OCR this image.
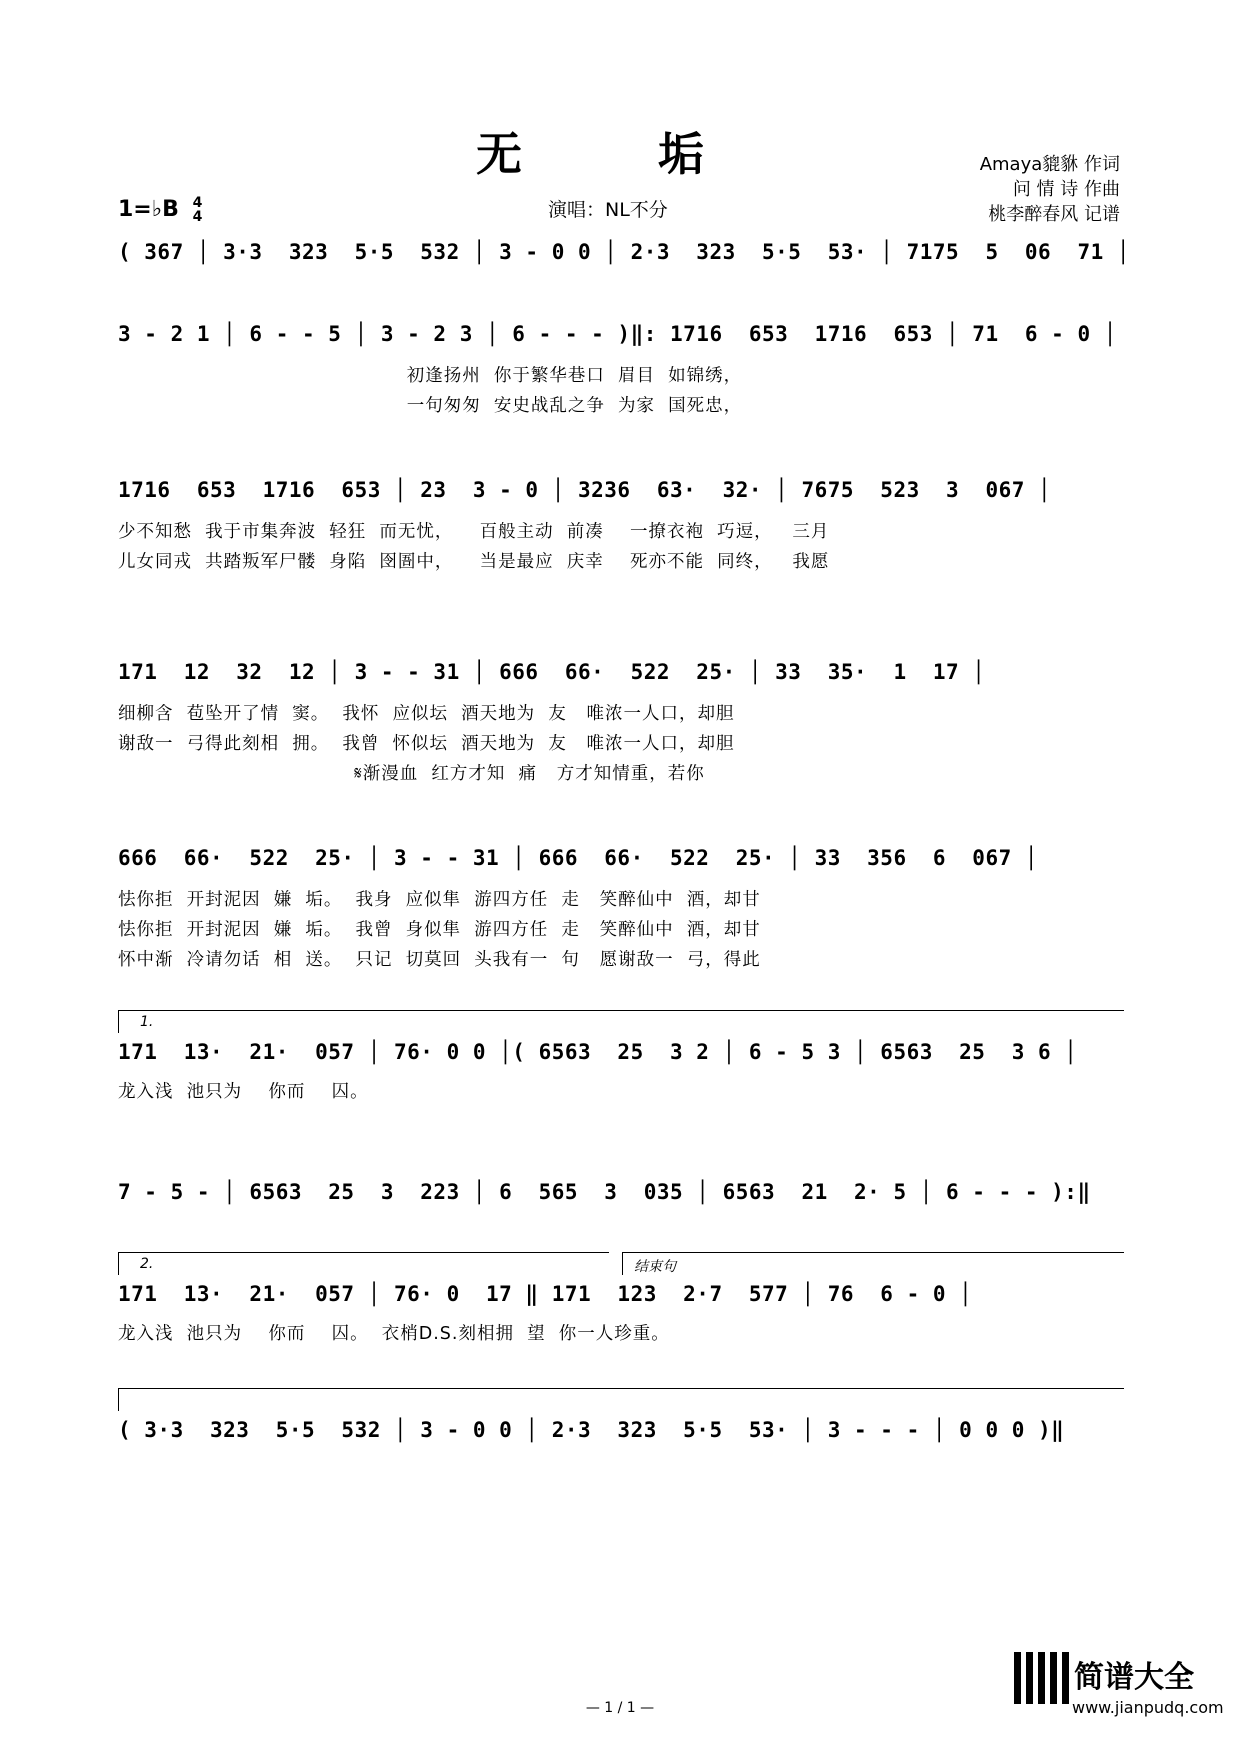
无 垢	Amaya貔貅 作词
问 情 诗 作曲
桃李醉春风 记谱
1=♭B 4
4	演唱：NL不分
( 367 │ 3·3  323  5·5  532 │ 3 - 0 0 │ 2·3  323  5·5  53· │ 7175  5  06  71 │
3 - 2 1 │ 6 - - 5 │ 3 - 2 3 │ 6 - - - )‖: 1716  653  1716  653 │ 71  6 - 0 │
初逢扬州  你于繁华巷口  眉目  如锦绣，
一句匆匆  安史战乱之争  为家  国死忠，
1716  653  1716  653 │ 23  3 - 0 │ 3236  63·  32· │ 7675  523  3  067 │
少不知愁  我于市集奔波  轻狂  而无忧，    百般主动  前凑    一撩衣袍  巧逗，   三月
儿女同戎  共踏叛军尸髅  身陷  囹圄中，    当是最应  庆幸    死亦不能  同终，   我愿
171  12  32  12 │ 3 - - 31 │ 666  66·  522  25· │ 33  35·  1  17 │
细柳含  苞坠开了情  窦。  我怀  应似坛  酒天地为  友   唯浓一人口，却胆
谢敌一  弓得此刻相  拥。  我曾  怀似坛  酒天地为  友   唯浓一人口，却胆
𝄋渐漫血  红方才知  痛   方才知情重，若你
666  66·  522  25· │ 3 - - 31 │ 666  66·  522  25· │ 33  356  6  067 │
怯你拒  开封泥因  嫌  垢。  我身  应似隼  游四方任  走   笑醉仙中  酒，却甘
怯你拒  开封泥因  嫌  垢。  我曾  身似隼  游四方任  走   笑醉仙中  酒，却甘
怀中渐  冷请勿话  相  送。  只记  切莫回  头我有一  句   愿谢敌一  弓，得此
1.
171  13·  21·  057 │ 76· 0 0 │( 6563  25  3 2 │ 6 - 5 3 │ 6563  25  3 6 │
龙入浅  池只为    你而    囚。
7 - 5 - │ 6563  25  3  223 │ 6  565  3  035 │ 6563  21  2· 5 │ 6 - - - ):‖
2.	结束句
171  13·  21·  057 │ 76· 0  17 ‖ 171  123  2·7  577 │ 76  6 - 0 │
龙入浅  池只为    你而    囚。  衣梢D.S.刻相拥  望  你一人珍重。
( 3·3  323  5·5  532 │ 3 - 0 0 │ 2·3  323  5·5  53· │ 3 - - - │ 0 0 0 )‖
— 1 / 1 —
简谱大全
www.jianpudq.com
